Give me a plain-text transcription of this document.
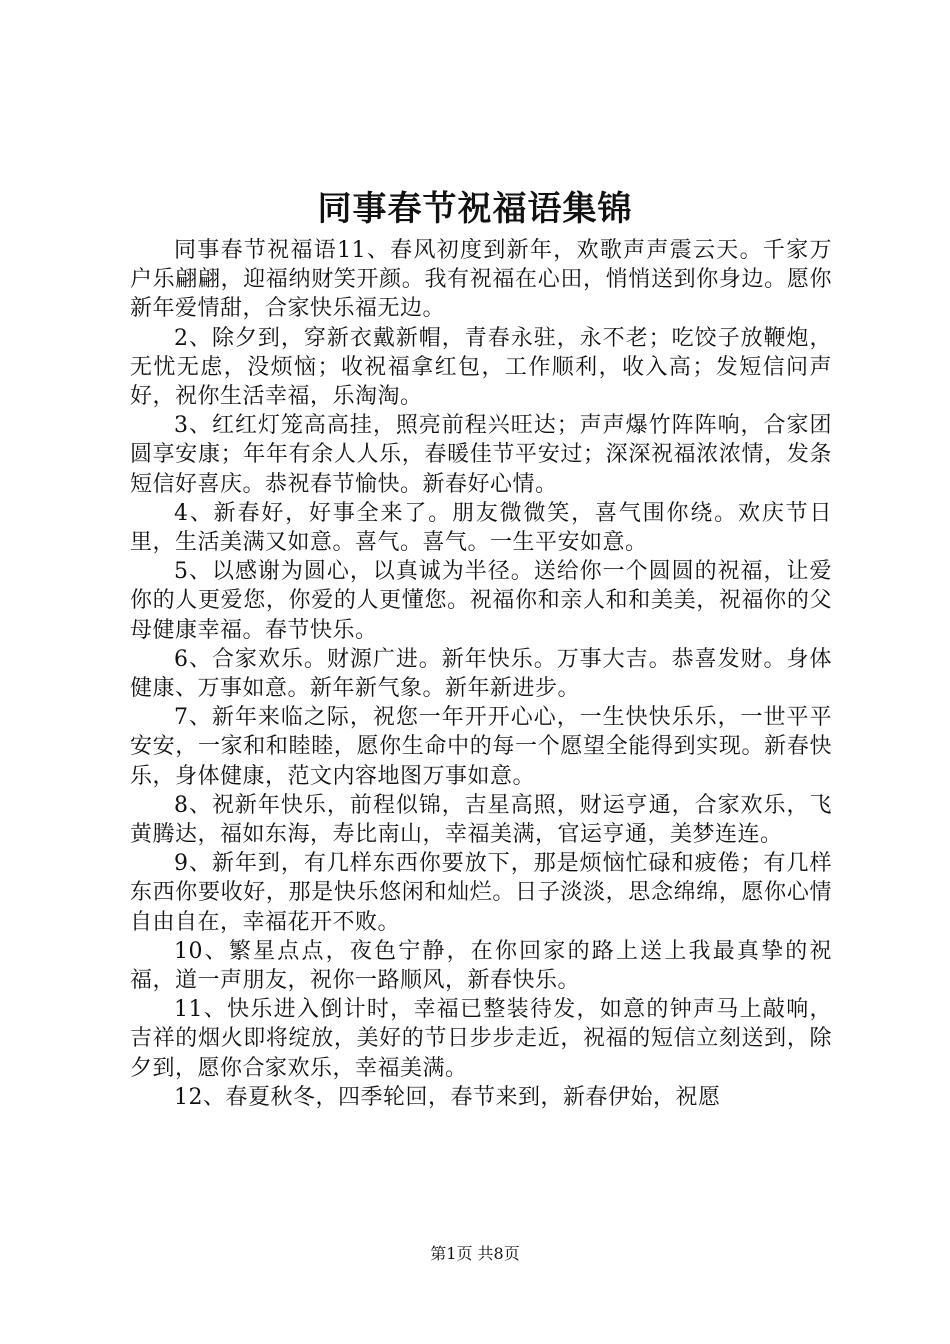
同事春节祝福语集锦

同事春节祝福语11、春风初度到新年，欢歌声声震云天。千家万户乐翩翩，迎福纳财笑开颜。我有祝福在心田，悄悄送到你身边。愿你新年爱情甜，合家快乐福无边。

2、除夕到，穿新衣戴新帽，青春永驻，永不老；吃饺子放鞭炮，无忧无虑，没烦恼；收祝福拿红包，工作顺利，收入高；发短信问声好，祝你生活幸福，乐淘淘。

3、红红灯笼高高挂，照亮前程兴旺达；声声爆竹阵阵响，合家团圆享安康；年年有余人人乐，春暖佳节平安过；深深祝福浓浓情，发条短信好喜庆。恭祝春节愉快。新春好心情。

4、新春好，好事全来了。朋友微微笑，喜气围你绕。欢庆节日里，生活美满又如意。喜气。喜气。一生平安如意。

5、以感谢为圆心，以真诚为半径。送给你一个圆圆的祝福，让爱你的人更爱您，你爱的人更懂您。祝福你和亲人和和美美，祝福你的父母健康幸福。春节快乐。

6、合家欢乐。财源广进。新年快乐。万事大吉。恭喜发财。身体健康、万事如意。新年新气象。新年新进步。

7、新年来临之际，祝您一年开开心心，一生快快乐乐，一世平平安安，一家和和睦睦，愿你生命中的每一个愿望全能得到实现。新春快乐，身体健康，范文内容地图万事如意。

8、祝新年快乐，前程似锦，吉星高照，财运亨通，合家欢乐，飞黄腾达，福如东海，寿比南山，幸福美满，官运亨通，美梦连连。

9、新年到，有几样东西你要放下，那是烦恼忙碌和疲倦；有几样东西你要收好，那是快乐悠闲和灿烂。日子淡淡，思念绵绵，愿你心情自由自在，幸福花开不败。

10、繁星点点，夜色宁静，在你回家的路上送上我最真挚的祝福，道一声朋友，祝你一路顺风，新春快乐。

11、快乐进入倒计时，幸福已整装待发，如意的钟声马上敲响，吉祥的烟火即将绽放，美好的节日步步走近，祝福的短信立刻送到，除夕到，愿你合家欢乐，幸福美满。

12、春夏秋冬，四季轮回，春节来到，新春伊始，祝愿

第1页 共8页
